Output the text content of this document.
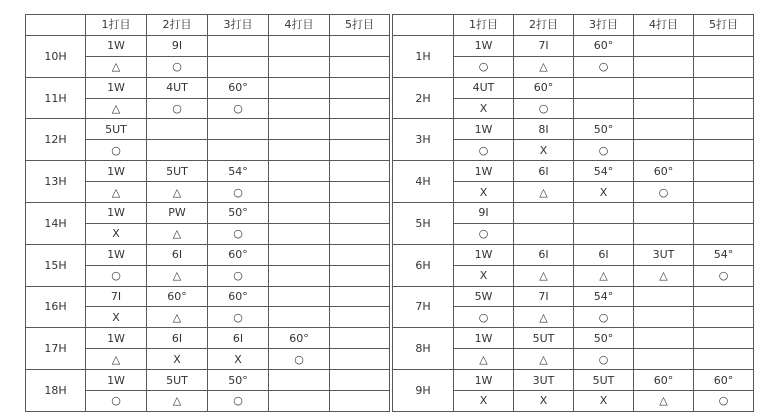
	1打目	2打目	3打目	4打目	5打目
10H	1W	9I			
	△	○			
11H	1W	4UT	60°		
	△	○	○		
12H	5UT				
	○				
13H	1W	5UT	54°		
	△	△	○		
14H	1W	PW	50°		
	X	△	○		
15H	1W	6I	60°		
	○	△	○		
16H	7I	60°	60°		
	X	△	○		
17H	1W	6I	6I	60°	
	△	X	X	○	
18H	1W	5UT	50°		
	○	△	○		
	1打目	2打目	3打目	4打目	5打目
1H	1W	7I	60°		
	○	△	○		
2H	4UT	60°			
	X	○			
3H	1W	8I	50°		
	○	X	○		
4H	1W	6I	54°	60°	
	X	△	X	○	
5H	9I				
	○				
6H	1W	6I	6I	3UT	54°
	X	△	△	△	○
7H	5W	7I	54°		
	○	△	○		
8H	1W	5UT	50°		
	△	△	○		
9H	1W	3UT	5UT	60°	60°
	X	X	X	△	○
